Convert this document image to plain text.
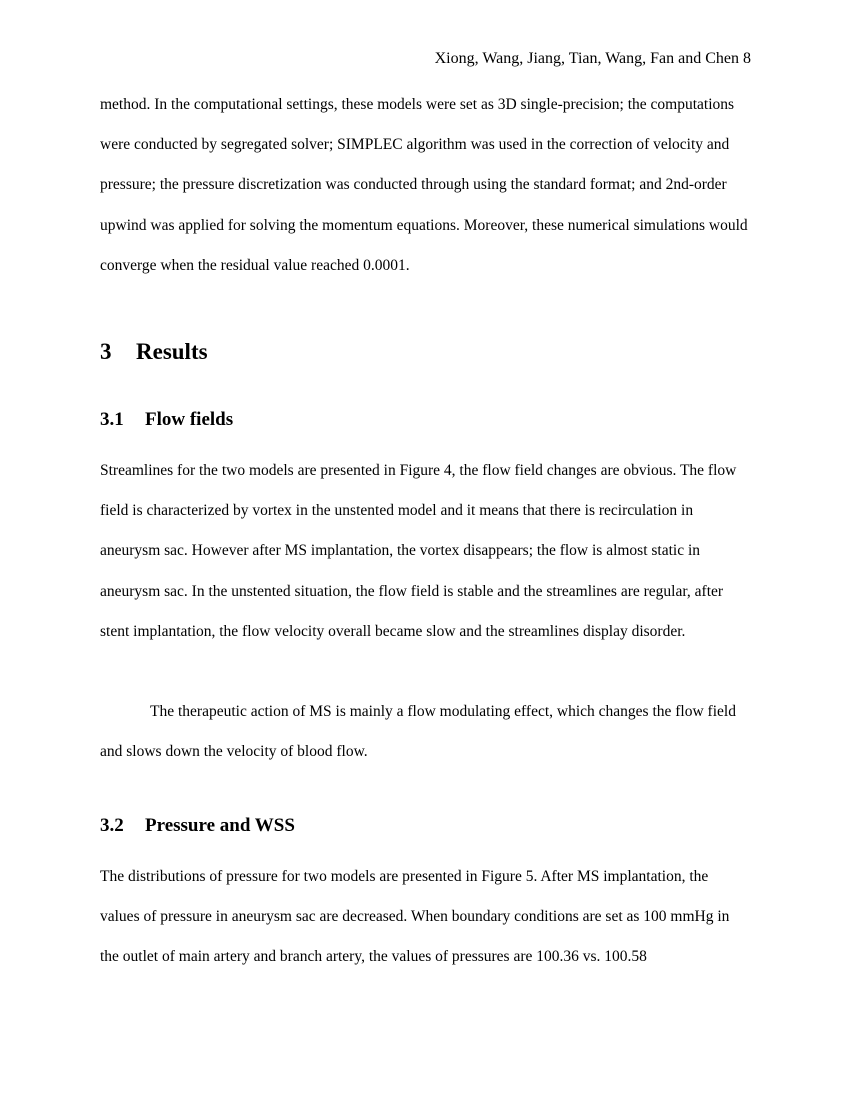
Xiong, Wang, Jiang, Tian, Wang, Fan and Chen 8
method. In the computational settings, these models were set as 3D single-precision; the computations were conducted by segregated solver; SIMPLEC algorithm was used in the correction of velocity and pressure; the pressure discretization was conducted through using the standard format; and 2nd-order upwind was applied for solving the momentum equations. Moreover, these numerical simulations would converge when the residual value reached 0.0001.
3 Results
3.1 Flow fields
Streamlines for the two models are presented in Figure 4, the flow field changes are obvious. The flow field is characterized by vortex in the unstented model and it means that there is recirculation in aneurysm sac. However after MS implantation, the vortex disappears; the flow is almost static in aneurysm sac. In the unstented situation, the flow field is stable and the streamlines are regular, after stent implantation, the flow velocity overall became slow and the streamlines display disorder.
The therapeutic action of MS is mainly a flow modulating effect, which changes the flow field and slows down the velocity of blood flow.
3.2 Pressure and WSS
The distributions of pressure for two models are presented in Figure 5. After MS implantation, the values of pressure in aneurysm sac are decreased. When boundary conditions are set as 100 mmHg in the outlet of main artery and branch artery, the values of pressures are 100.36 vs. 100.58
